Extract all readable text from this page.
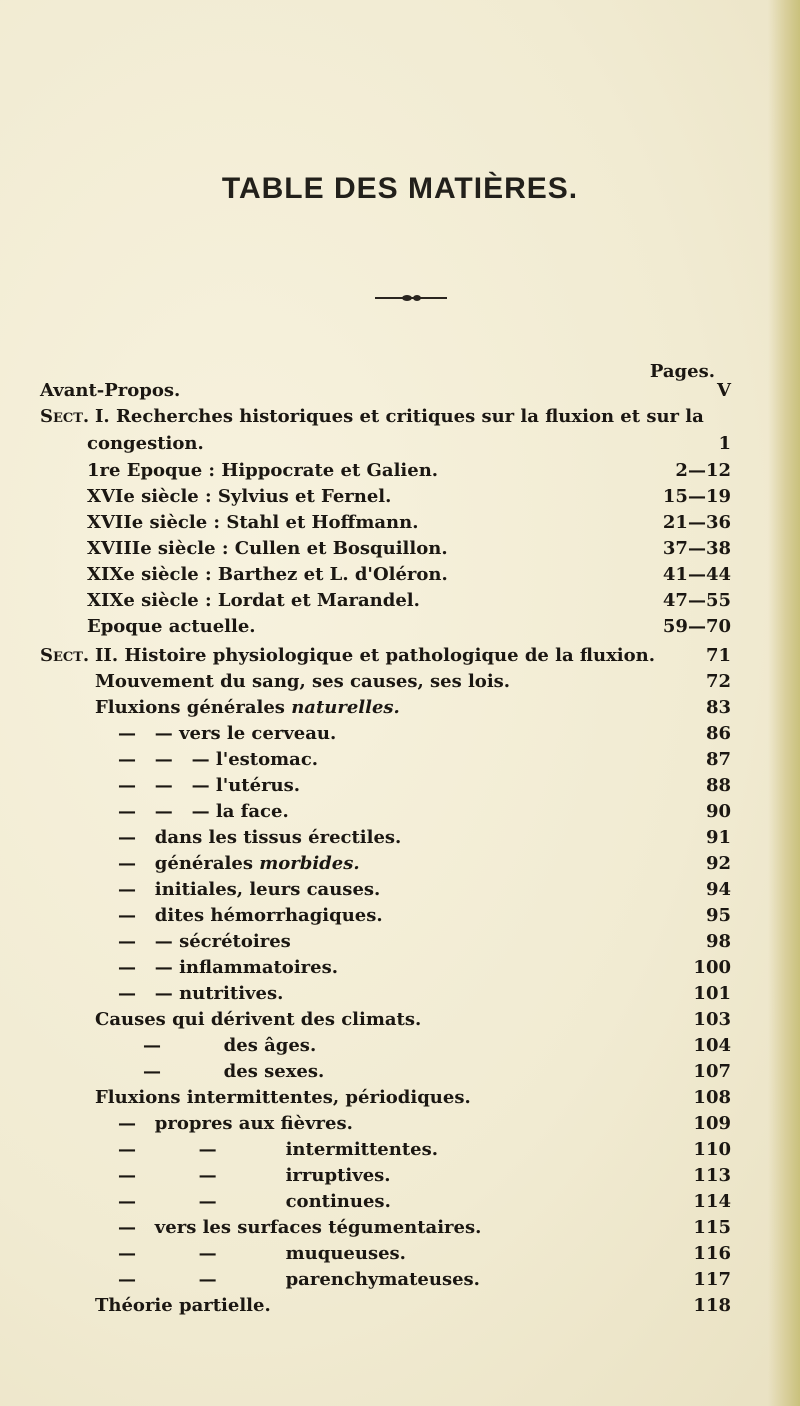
TABLE DES MATIÈRES.
Pages.
Avant-Propos.	V
Sect. I. Recherches historiques et critiques sur la fluxion et sur la
congestion.	1
1re Epoque : Hippocrate et Galien.	2—12
XVIe siècle : Sylvius et Fernel.	15—19
XVIIe siècle : Stahl et Hoffmann.	21—36
XVIIIe siècle : Cullen et Bosquillon.	37—38
XIXe siècle : Barthez et L. d'Oléron.	41—44
XIXe siècle : Lordat et Marandel.	47—55
Epoque actuelle.	59—70
Sect. II. Histoire physiologique et pathologique de la fluxion.	71
Mouvement du sang, ses causes, ses lois.	72
Fluxions générales naturelles.	83
—   — vers le cerveau.	86
—   —   — l'estomac.	87
—   —   — l'utérus.	88
—   —   — la face.	90
—   dans les tissus érectiles.	91
—   générales morbides.	92
—   initiales, leurs causes.	94
—   dites hémorrhagiques.	95
—   — sécrétoires	98
—   — inflammatoires.	100
—   — nutritives.	101
Causes qui dérivent des climats.	103
—          des âges.	104
—          des sexes.	107
Fluxions intermittentes, périodiques.	108
—   propres aux fièvres.	109
—          —           intermittentes.	110
—          —           irruptives.	113
—          —           continues.	114
—   vers les surfaces tégumentaires.	115
—          —           muqueuses.	116
—          —           parenchymateuses.	117
Théorie partielle.	118
